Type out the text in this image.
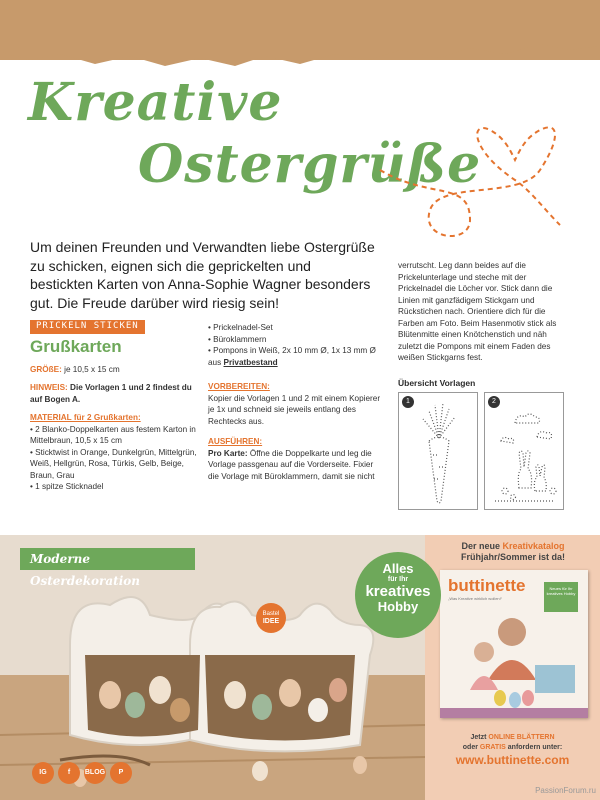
Kreative
Ostergrüße

Um deinen Freunden und Verwandten liebe Ostergrüße zu schicken, eignen sich die geprickelten und bestickten Karten von Anna-Sophie Wagner besonders gut. Die Freude darüber wird riesig sein!

PRICKELN STICKEN
Grußkarten
GRÖßE: je 10,5 x 15 cm
HINWEIS: Die Vorlagen 1 und 2 findest du auf Bogen A.
MATERIAL für 2 Grußkarten:
• 2 Blanko-Doppelkarten aus festem Karton in Mittelbraun, 10,5 x 15 cm
• Sticktwist in Orange, Dunkelgrün, Mittelgrün, Weiß, Hellgrün, Rosa, Türkis, Gelb, Beige, Braun, Grau
• 1 spitze Sticknadel
• Prickelnadel-Set
• Büroklammern
• Pompons in Weiß, 2x 10 mm Ø, 1x 13 mm Ø
aus Privatbestand
VORBEREITEN:
Kopier die Vorlagen 1 und 2 mit einem Kopierer je 1x und schneid sie jeweils entlang des Rechtecks aus.
AUSFÜHREN:
Pro Karte: Öffne die Doppelkarte und leg die Vorlage passgenau auf die Vorderseite. Fixier die Vorlage mit Büroklammern, damit sie nicht
verrutscht. Leg dann beides auf die Prickelunterlage und steche mit der Prickelnadel die Löcher vor. Stick dann die Linien mit ganzfädigem Stickgarn und Rückstichen nach. Orientiere dich für die Farben am Foto. Beim Hasenmotiv stick als Blütenmitte einen Knötchenstich und näh zuletzt die Pompons mit einem Faden des weißen Stickgarns fest.
Übersicht Vorlagen
1	2
Moderne Osterdekoration
Bastel
IDEE
IG	f	BLOG	P
Der neue Kreativkatalog
Frühjahr/Sommer ist da!
buttinette
„Was Kreative wirklich wollen!“
Neues für Ihr kreatives Hobby
Jetzt ONLINE BLÄTTERN
oder GRATIS anfordern unter:
www.buttinette.com
Alles
für Ihr
kreatives
Hobby
PassionForum.ru
